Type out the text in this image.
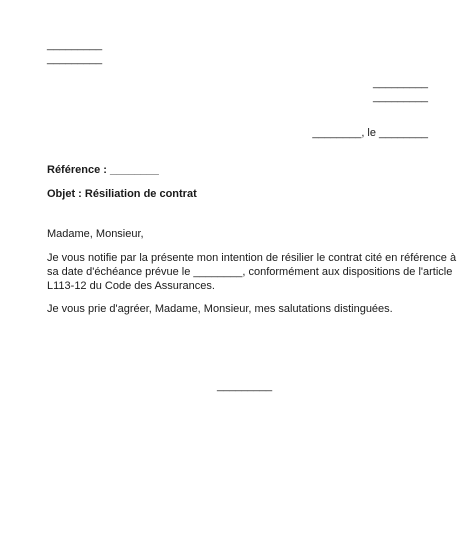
_________
_________
_________
_________
________, le ________
Référence : ________
Objet : Résiliation de contrat
Madame, Monsieur,
Je vous notifie par la présente mon intention de résilier le contrat cité en référence à
sa date d'échéance prévue le ________, conformément aux dispositions de l'article
L113-12 du Code des Assurances.
Je vous prie d'agréer, Madame, Monsieur, mes salutations distinguées.
_________
